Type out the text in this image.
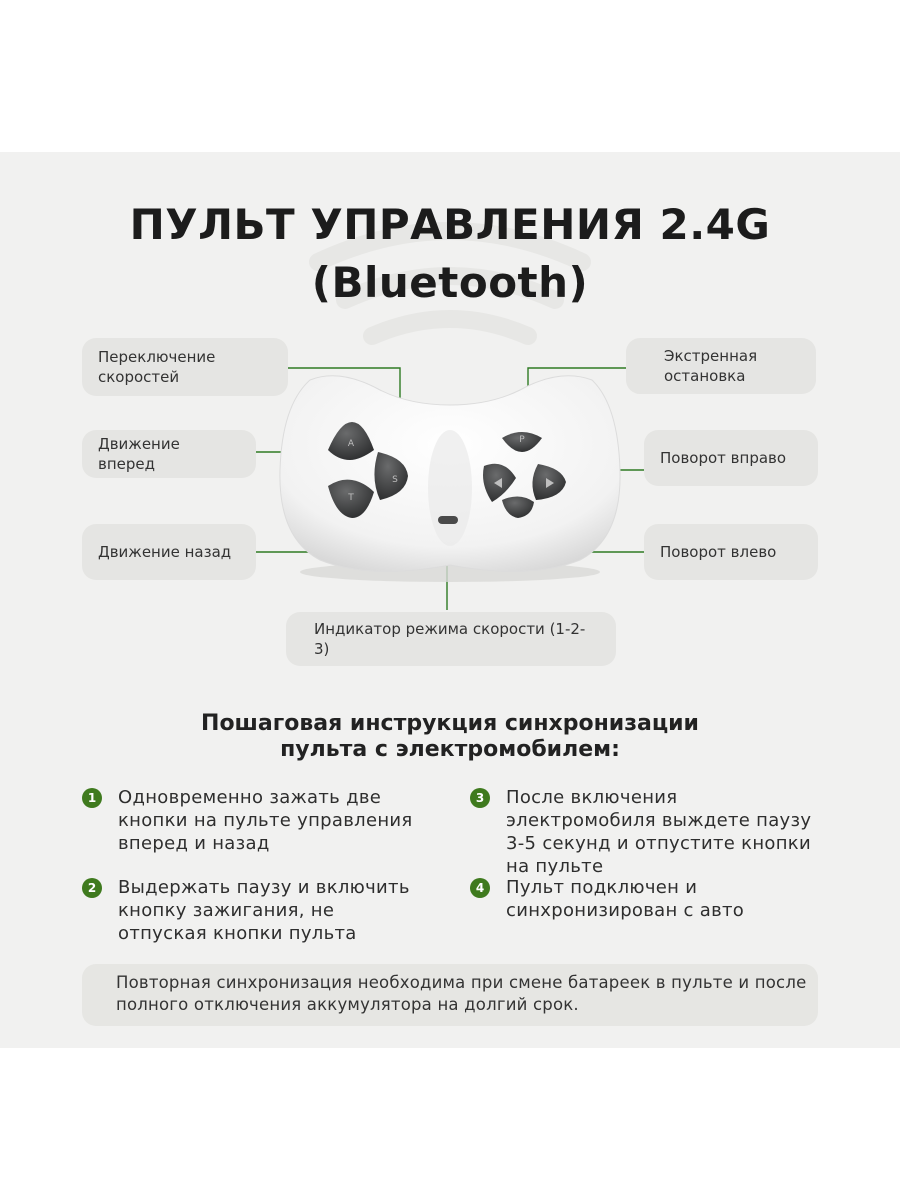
ПУЛЬТ УПРАВЛЕНИЯ 2.4G
(Bluetooth)
A
S
T
P
Переключение скоростей
Движение вперед
Движение назад
Экстренная остановка
Поворот вправо
Поворот влево
Индикатор режима скорости (1-2-3)
Пошаговая инструкция синхронизации
пульта с электромобилем:
1	Одновременно зажать две кнопки на пульте управления вперед и назад
2	Выдержать паузу и включить кнопку зажигания, не отпуская кнопки пульта
3	После включения электромобиля выждете паузу 3-5 секунд и отпустите кнопки на пульте
4	Пульт подключен и синхронизирован с авто
Повторная синхронизация необходима при смене батареек в пульте и после полного отключения аккумулятора на долгий срок.
